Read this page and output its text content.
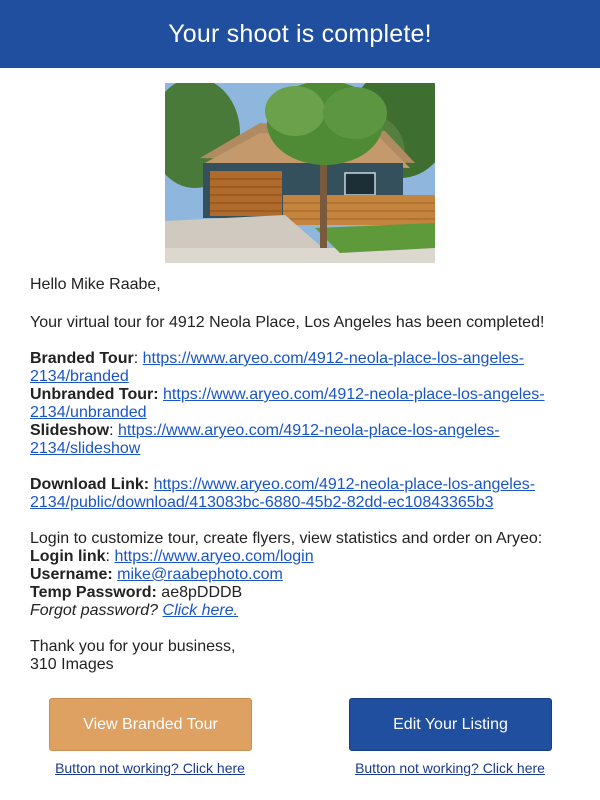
Your shoot is complete!

Hello Mike Raabe,

Your virtual tour for 4912 Neola Place, Los Angeles has been completed!

Branded Tour: https://www.aryeo.com/4912-neola-place-los-angeles-
2134/branded
Unbranded Tour: https://www.aryeo.com/4912-neola-place-los-angeles-
2134/unbranded
Slideshow: https://www.aryeo.com/4912-neola-place-los-angeles-
2134/slideshow

Download Link: https://www.aryeo.com/4912-neola-place-los-angeles-
2134/public/download/413083bc-6880-45b2-82dd-ec10843365b3

Login to customize tour, create flyers, view statistics and order on Aryeo:
Login link: https://www.aryeo.com/login
Username: mike@raabephoto.com
Temp Password: ae8pDDDB
Forgot password? Click here.

Thank you for your business,
310 Images

View Branded Tour	Edit Your Listing
Button not working? Click here	Button not working? Click here
